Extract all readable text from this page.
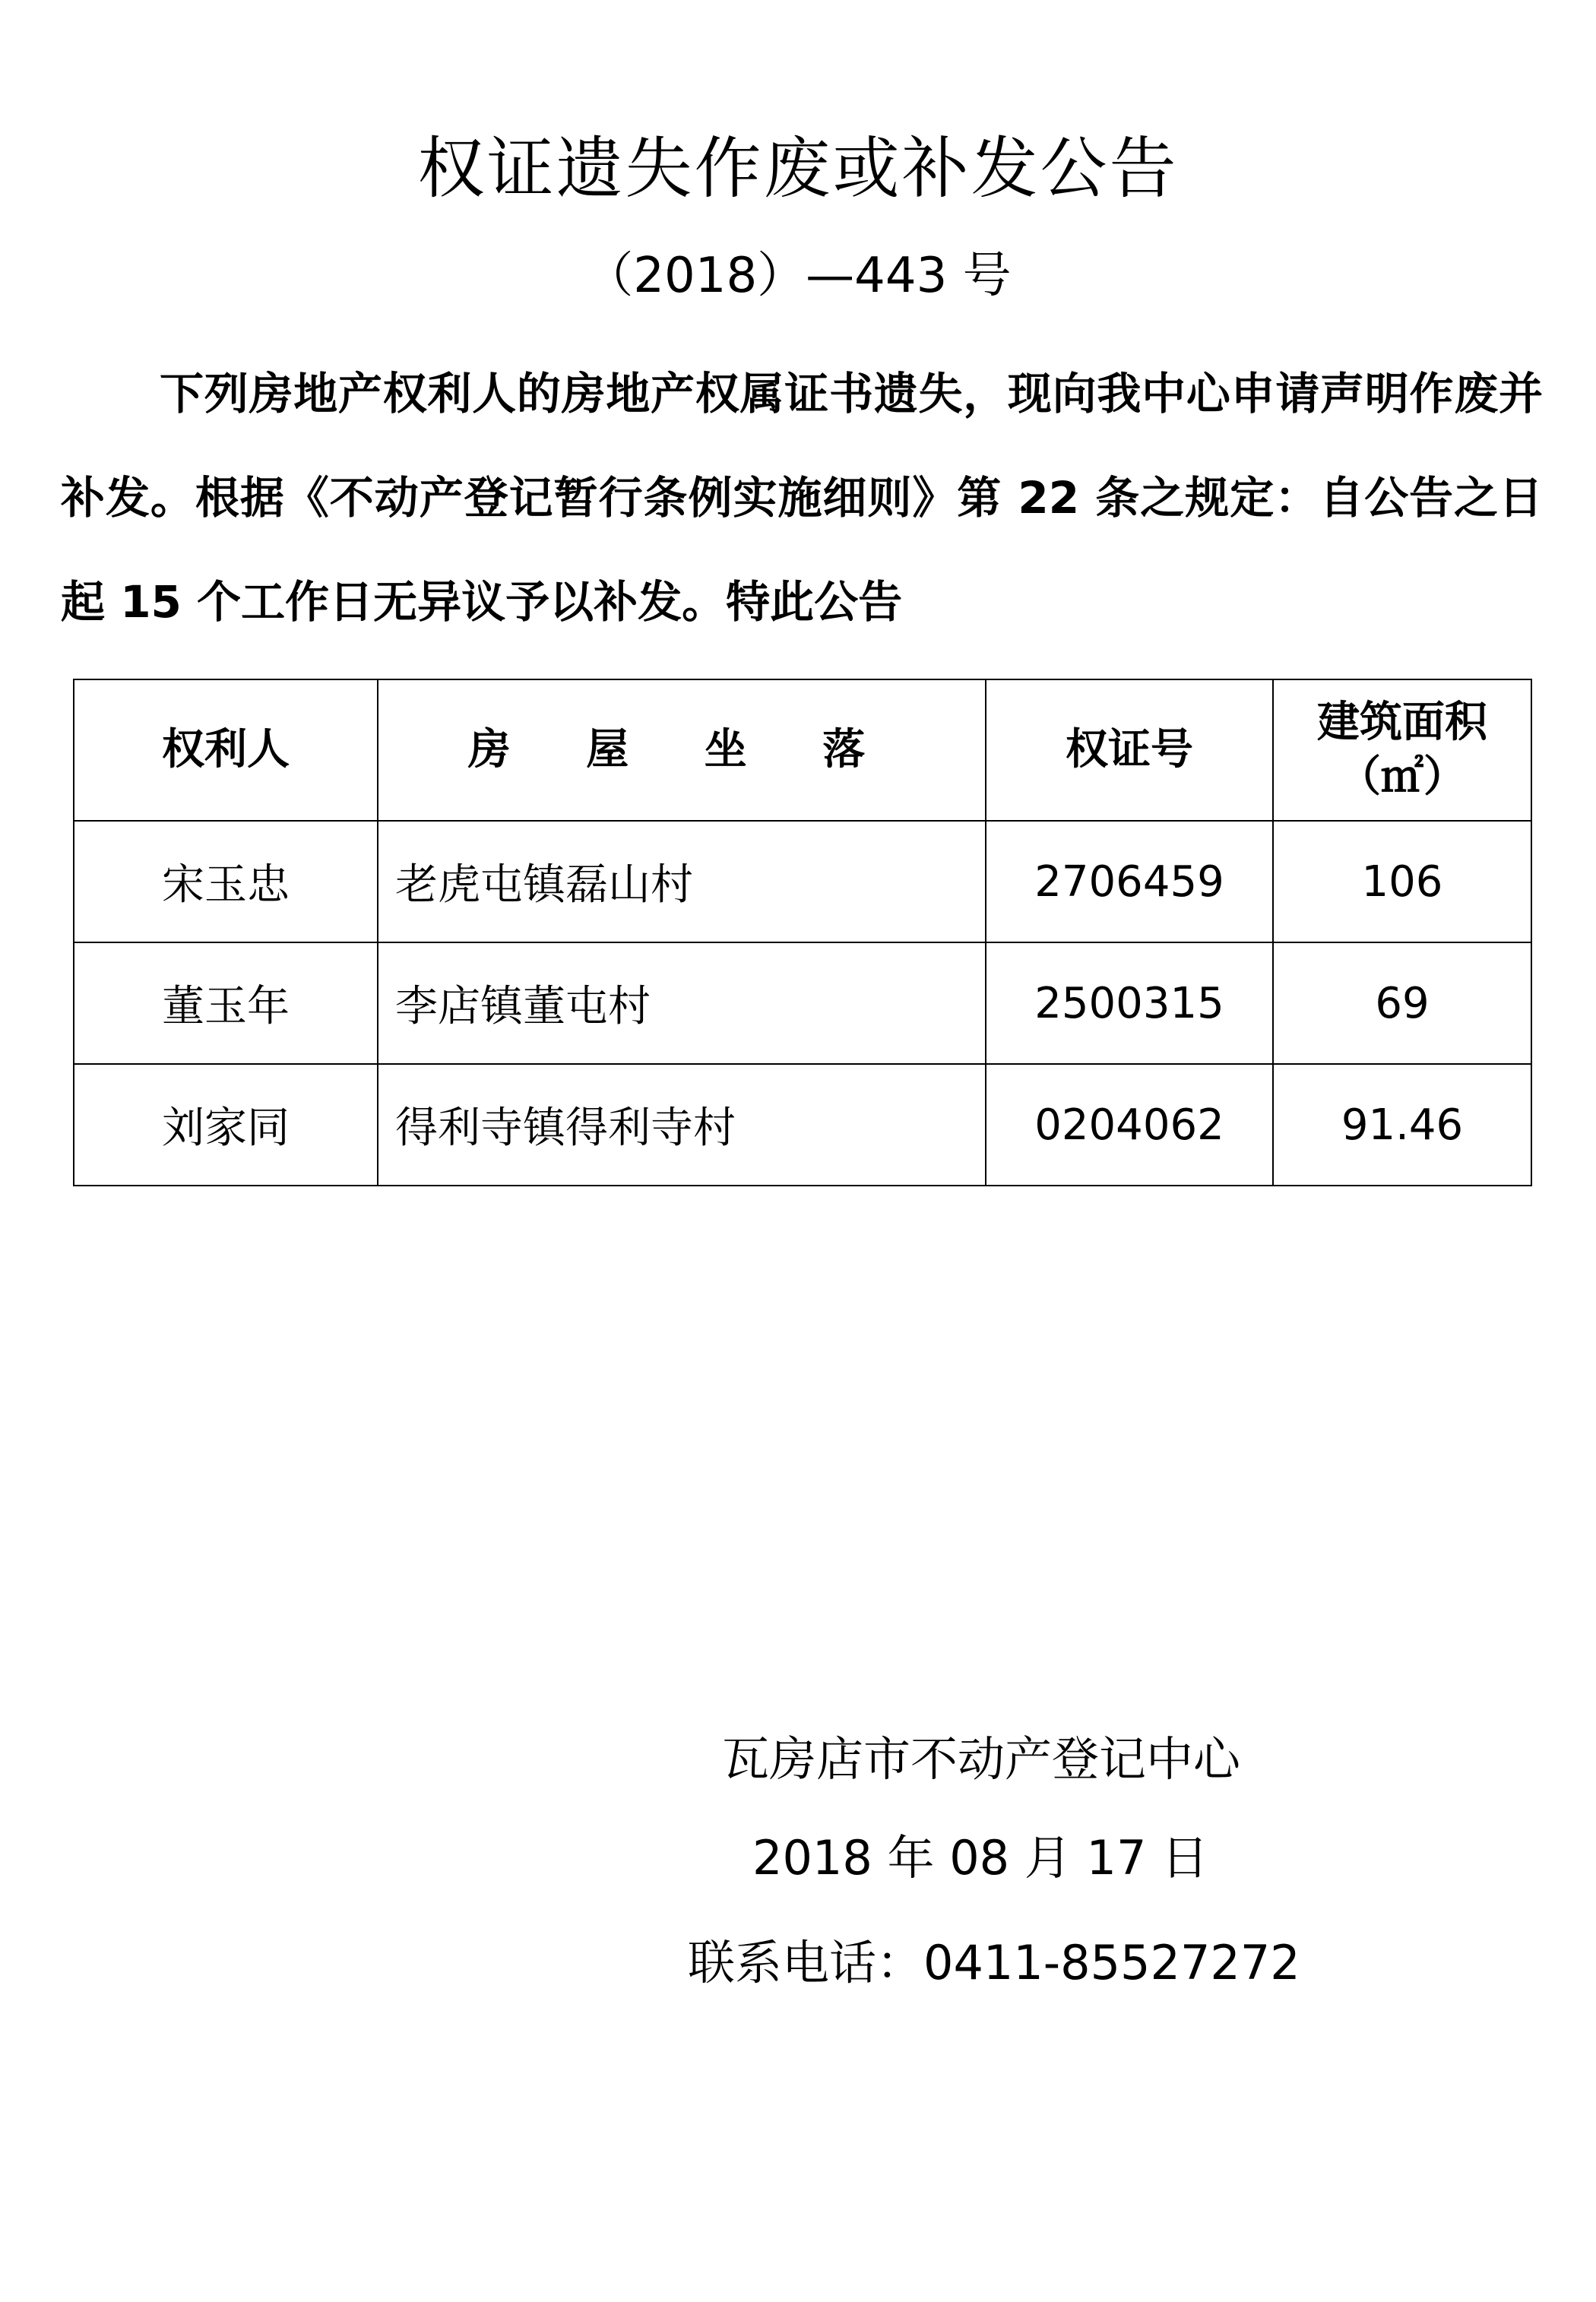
权证遗失作废或补发公告
（2018）—443 号

下列房地产权利人的房地产权属证书遗失，现向我中心申请声明作废并补发。根据《不动产登记暂行条例实施细则》第 22 条之规定：自公告之日起 15 个工作日无异议予以补发。特此公告

权利人	房 屋 坐 落	权证号	建筑面积（㎡）
宋玉忠	老虎屯镇磊山村	2706459	106
董玉年	李店镇董屯村	2500315	69
刘家同	得利寺镇得利寺村	0204062	91.46
瓦房店市不动产登记中心
2018 年 08 月 17 日
联系电话：0411-85527272
